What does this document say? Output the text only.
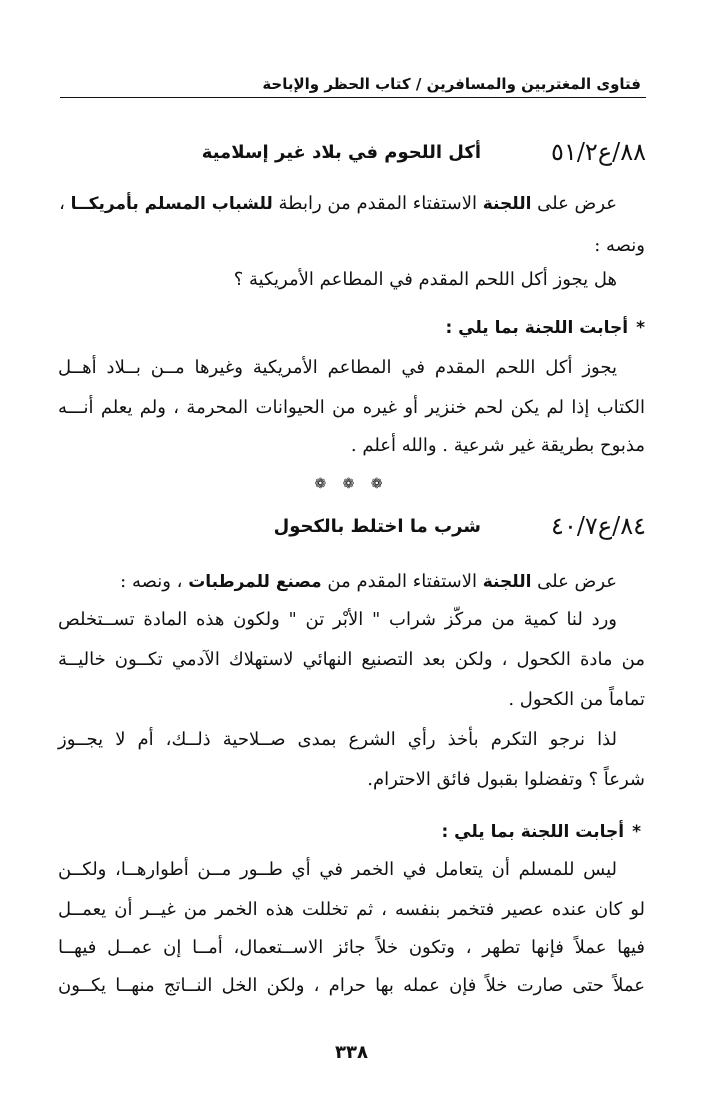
فتاوى المغتربين والمسافرين / كتاب الحظر والإباحة
٨٨/ع٥١/٢
أكل اللحوم في بلاد غير إسلامية
عرض على اللجنة الاستفتاء المقدم من رابطة للشباب المسلم بأمريكــا ،
ونصه :
هل يجوز أكل اللحم المقدم في المطاعم الأمريكية ؟
*أجابت اللجنة بما يلي :
يجوز أكل اللحم المقدم في المطاعم الأمريكية وغيرها مــن بــلاد أهــل
الكتاب إذا لم يكن لحم خنزير أو غيره من الحيوانات المحرمة ، ولم يعلم أنـــه
مذبوح بطريقة غير شرعية . والله أعلم .
❁ ❁ ❁
٨٤/ع٤٠/٧
شرب ما اختلط بالكحول
عرض على اللجنة الاستفتاء المقدم من مصنع للمرطبات ، ونصه :
ورد لنا كمية من مركّز شراب " الأبْر تن " ولكون هذه المادة تســتخلص
من مادة الكحول ، ولكن بعد التصنيع النهائي لاستهلاك الآدمي تكــون خاليــة
تماماً من الكحول .
لذا نرجو التكرم بأخذ رأي الشرع بمدى صــلاحية ذلــك، أم لا يجــوز
شرعاً ؟ وتفضلوا بقبول فائق الاحترام.
*أجابت اللجنة بما يلي :
ليس للمسلم أن يتعامل في الخمر في أي طــور مــن أطوارهــا، ولكــن
لو كان عنده عصير فتخمر بنفسه ، ثم تخللت هذه الخمر من غيــر أن يعمــل
فيها عملاً فإنها تطهر ، وتكون خلاً جائز الاســتعمال، أمــا إن عمــل فيهــا
عملاً حتى صارت خلاً فإن عمله بها حرام ، ولكن الخل النــاتج منهــا يكــون
٣٣٨
